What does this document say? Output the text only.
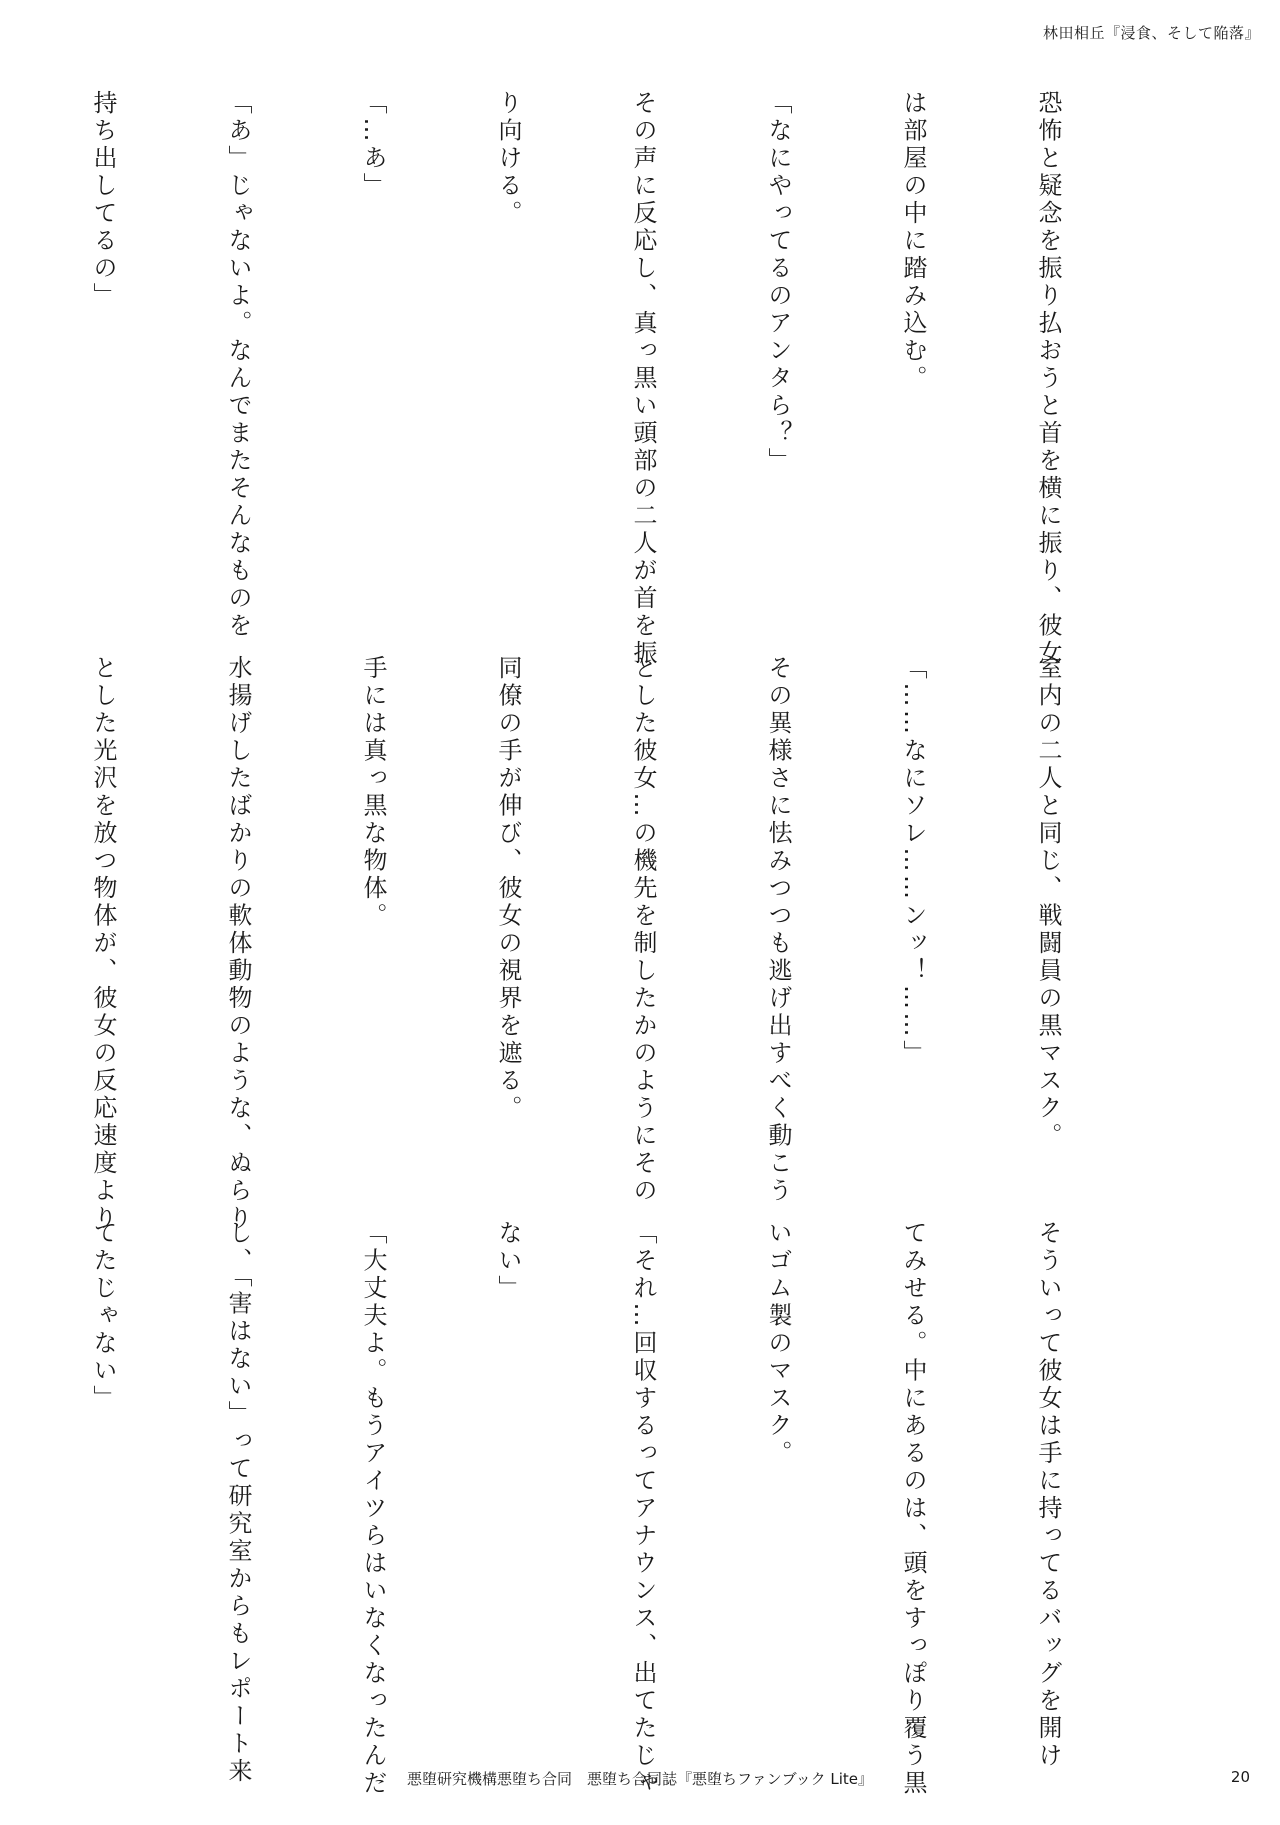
林田相丘『浸食、そして陥落』

恐怖と疑念を振り払おうと首を横に振り、彼女

は部屋の中に踏み込む。

「なにやってるのアンタら？」

その声に反応し、真っ黒い頭部の二人が首を振

り向ける。

「…あ」

「あ」じゃないよ。なんでまたそんなものを

持ち出してるの」

室内の二人と同じ、戦闘員の黒マスク。

「……なにソレ……ンッ！……」

その異様さに怯みつつも逃げ出すべく動こう

とした彼女…の機先を制したかのようにその

同僚の手が伸び、彼女の視界を遮る。

手には真っ黒な物体。

水揚げしたばかりの軟体動物のような、ぬらり

とした光沢を放つ物体が、彼女の反応速度より

そういって彼女は手に持ってるバッグを開け

てみせる。中にあるのは、頭をすっぽり覆う黒

いゴム製のマスク。

「それ…回収するってアナウンス、出てたじゃ

ない」

「大丈夫よ。もうアイツらはいなくなったんだ

し、「害はない」って研究室からもレポート来

てたじゃない」

悪堕研究機構悪堕ち合同　悪堕ち合同誌『悪堕ちファンブック Lite』	20
